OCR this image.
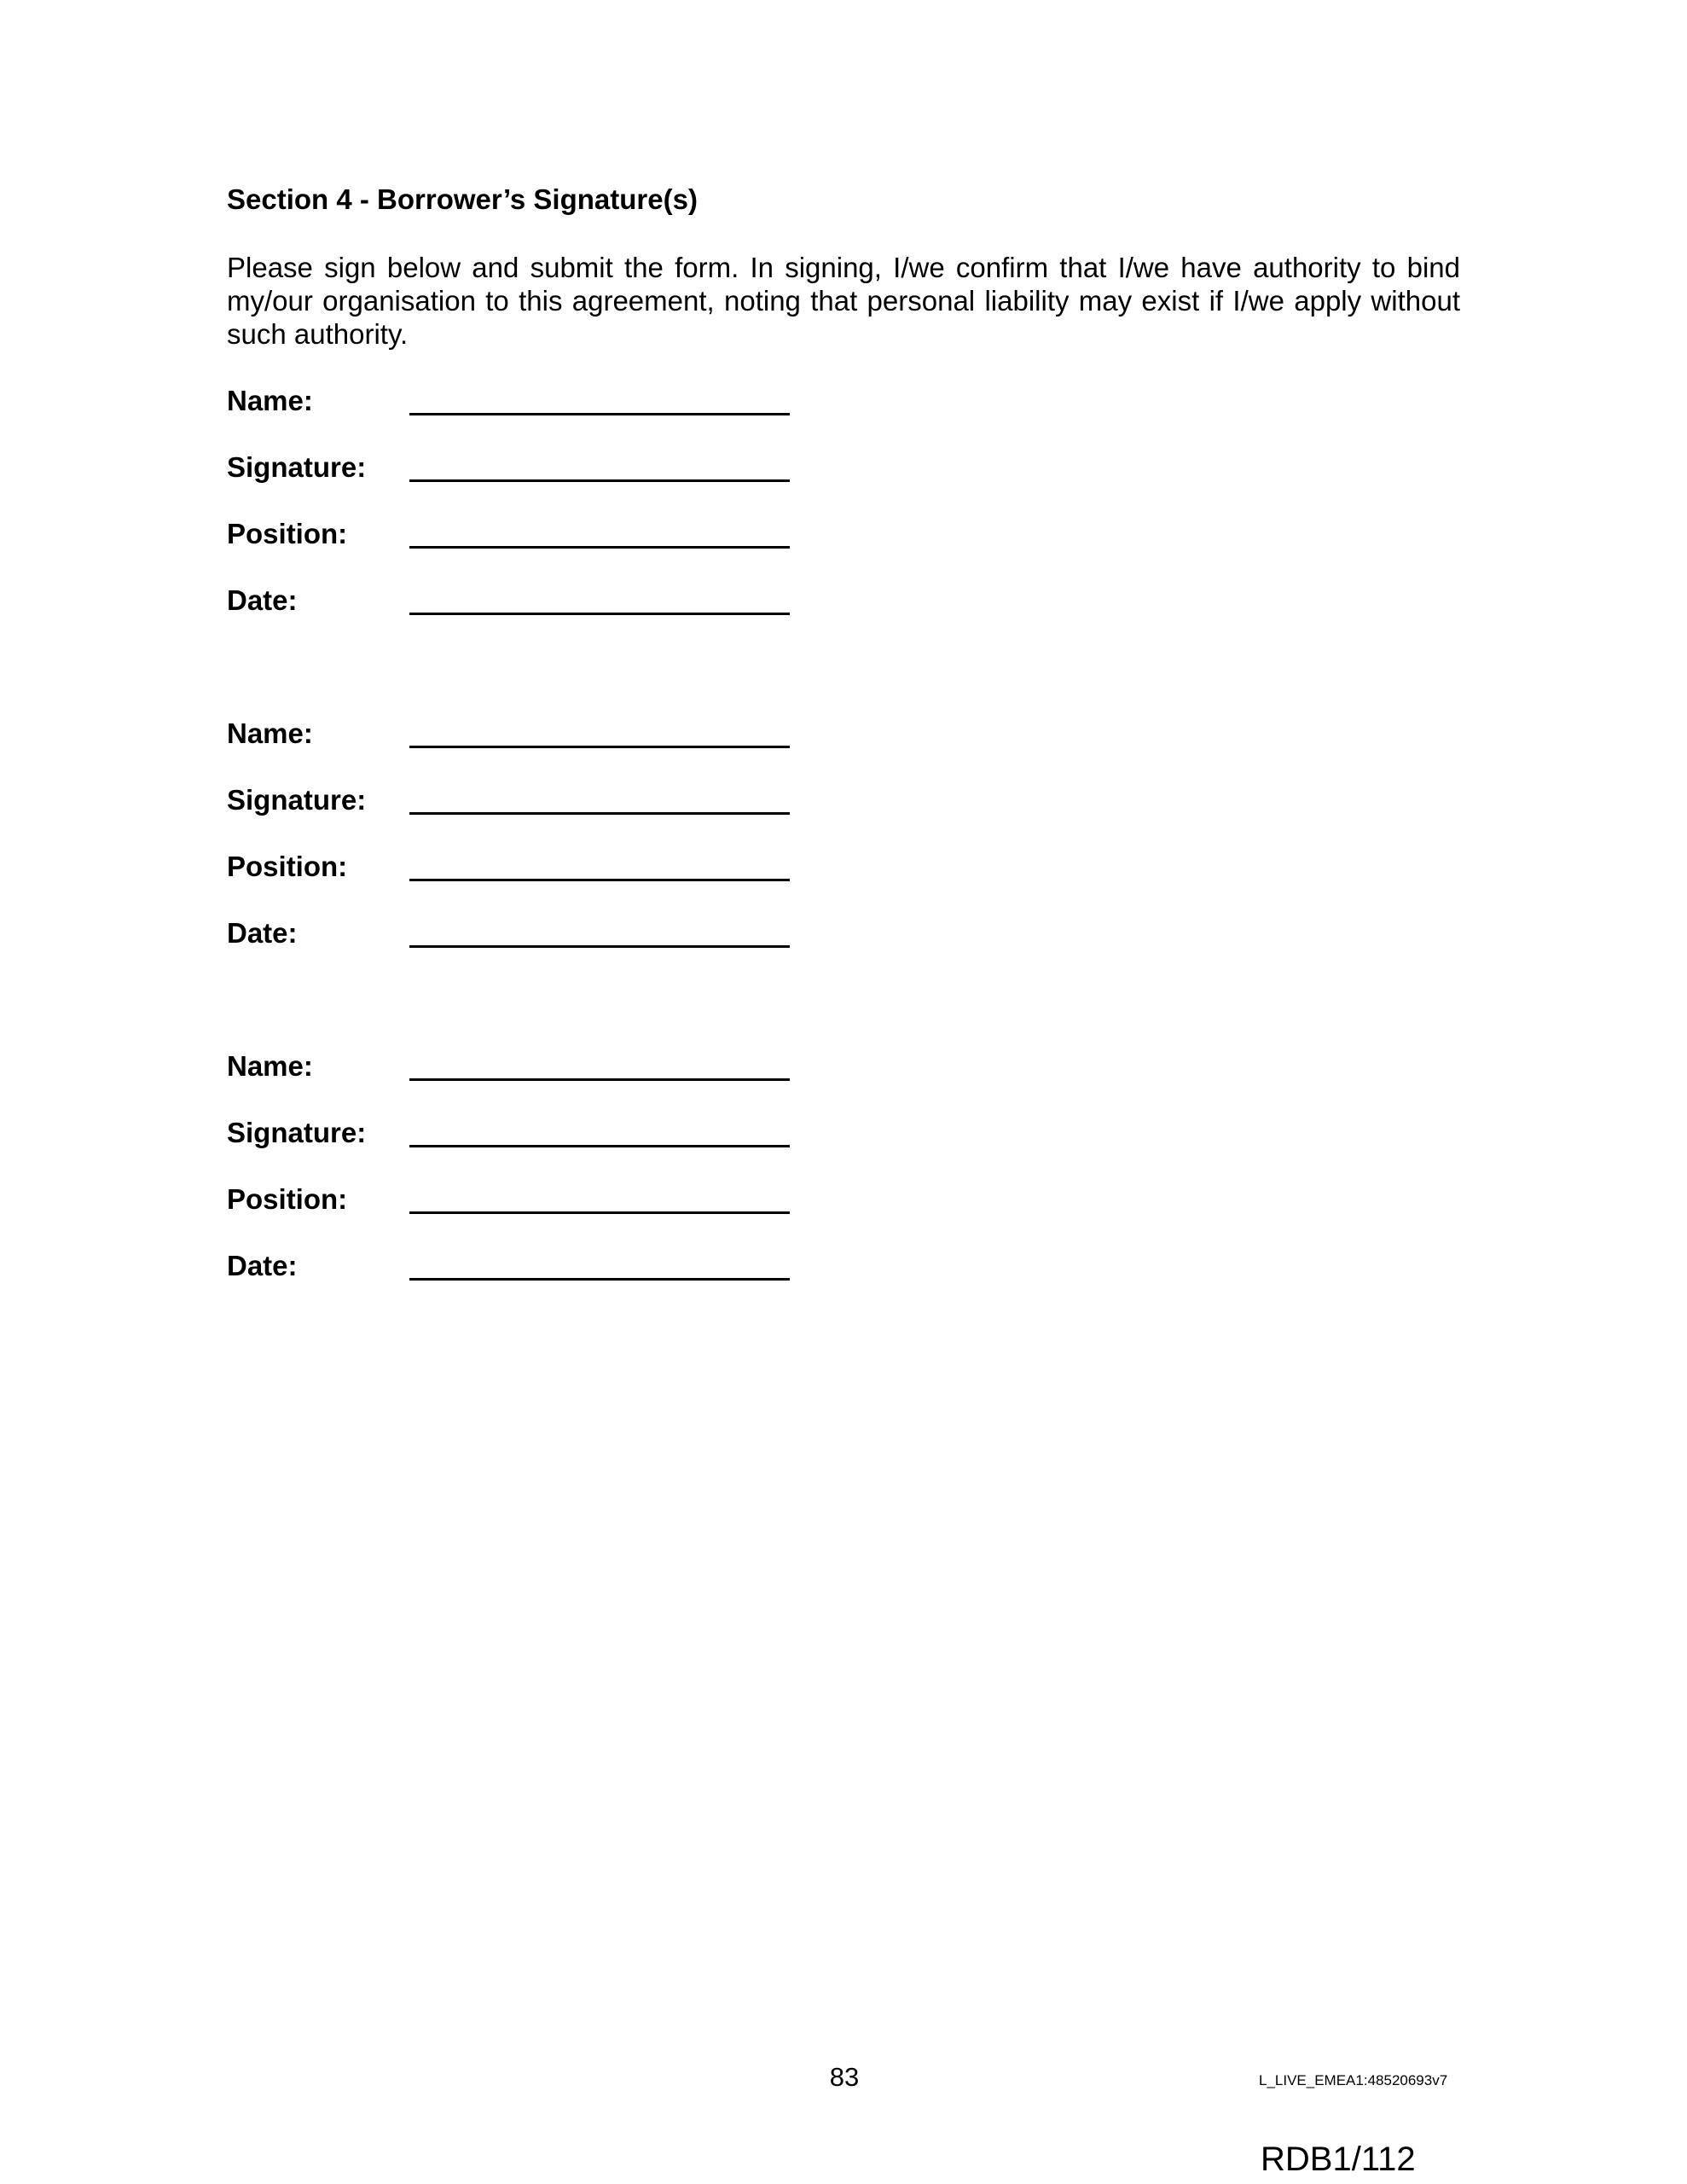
Section 4 - Borrower’s Signature(s)
Please sign below and submit the form. In signing, I/we confirm that I/we have authority to bind my/our organisation to this agreement, noting that personal liability may exist if I/we apply without such authority.
Name:
Signature:
Position:
Date:
Name:
Signature:
Position:
Date:
Name:
Signature:
Position:
Date:
83	L_LIVE_EMEA1:48520693v7
RDB1/112
